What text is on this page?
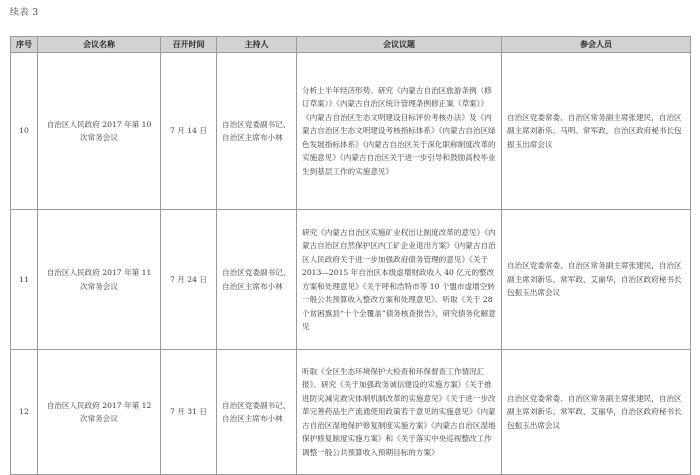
续表 3
序号	会议名称	召开时间	主持人	会议议题	参会人员
10	自治区人民政府 2017 年第 10 次常务会议	7 月 14 日	自治区党委副书记、自治区主席布小林	分析上半年经济形势。研究《内蒙古自治区旅游条例（修订草案）》《内蒙古自治区统计管理条例修正案（草案）》《内蒙古自治区生态文明建设目标评价考核办法》及《内蒙古自治区生态文明建设考核指标体系》《内蒙古自治区绿色发展指标体系》《内蒙古自治区关于深化职称制度改革的实施意见》《内蒙古自治区关于进一步引导和鼓励高校毕业生到基层工作的实施意见》	自治区党委常委、自治区常务副主席张建民，自治区副主席刘新乐、马明、常军政，自治区政府秘书长包振玉出席会议
11	自治区人民政府 2017 年第 11 次常务会议	7 月 24 日	自治区党委副书记、自治区主席布小林	研究《内蒙古自治区实施矿业权出让制度改革的意见》《内蒙古自治区自然保护区内工矿企业退出方案》《内蒙古自治区人民政府关于进一步加强政府债务管理的意见》《关于 2013—2015 年自治区本级虚增财政收入 40 亿元的整改方案和处理意见》《关于呼和浩特市等 10 个盟市虚增空转一般公共预算收入整改方案和处理意见》。听取《关于 28 个贫困旗县“十个全覆盖”债务核查报告》，研究债务化解意见	自治区党委常委、自治区常务副主席张建民，自治区副主席刘新乐、常军政、艾丽华，自治区政府秘书长包振玉出席会议
12	自治区人民政府 2017 年第 12 次常务会议	7 月 31 日	自治区党委副书记、自治区主席布小林	听取《全区生态环境保护大检查和环保督查工作情况汇报》。研究《关于加强政务诚信建设的实施方案》《关于推进防灾减灾救灾体制机制改革的实施意见》《关于进一步改革完善药品生产流通使用政策若干意见的实施意见》《内蒙古自治区湿地保护修复制度实施方案》《内蒙古自治区湿地保护修复制度实施方案》和《关于落实中央巡视整改工作调整一般公共预算收入预期目标的方案》	自治区党委常委、自治区常务副主席张建民，自治区副主席刘新乐、常军政、艾丽华，自治区政府秘书长包振玉出席会议
